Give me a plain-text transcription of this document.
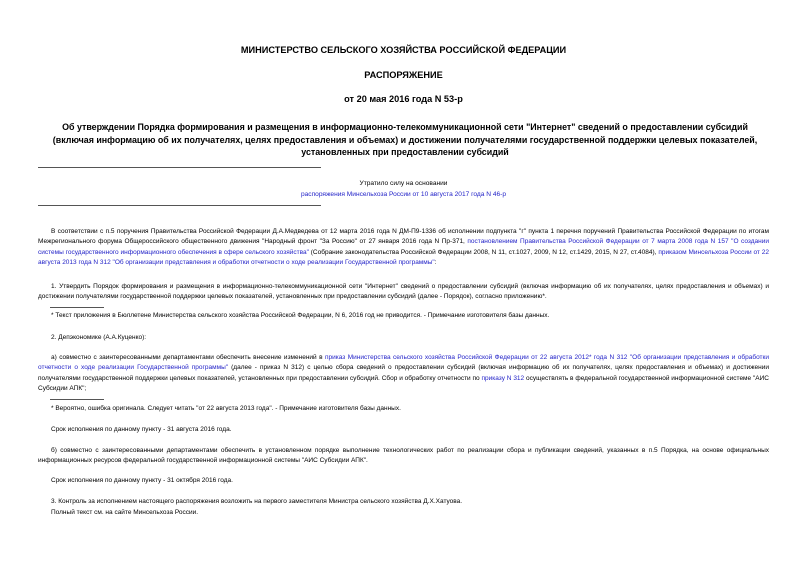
МИНИСТЕРСТВО СЕЛЬСКОГО ХОЗЯЙСТВА РОССИЙСКОЙ ФЕДЕРАЦИИ
РАСПОРЯЖЕНИЕ
от 20 мая 2016 года N 53-р
Об утверждении Порядка формирования и размещения в информационно-телекоммуникационной сети "Интернет" сведений о предоставлении субсидий (включая информацию об их получателях, целях предоставления и объемах) и достижении получателями государственной поддержки целевых показателей, установленных при предоставлении субсидий
Утратило силу на основании
распоряжения Минсельхоза России от 10 августа 2017 года N 46-р
В соответствии с п.5 поручения Правительства Российской Федерации Д.А.Медведева от 12 марта 2016 года N ДМ-П9-1336 об исполнении подпункта "г" пункта 1 перечня поручений Правительства Российской Федерации по итогам Межрегионального форума Общероссийского общественного движения "Народный фронт "За Россию" от 27 января 2016 года N Пр-371, постановлением Правительства Российской Федерации от 7 марта 2008 года N 157 "О создании системы государственного информационного обеспечения в сфере сельского хозяйства" (Собрание законодательства Российской Федерации 2008, N 11, ст.1027, 2009, N 12, ст.1429, 2015, N 27, ст.4084), приказом Минсельхоза России от 22 августа 2013 года N 312 "Об организации представления и обработки отчетности о ходе реализации Государственной программы":
1. Утвердить Порядок формирования и размещения в информационно-телекоммуникационной сети "Интернет" сведений о предоставлении субсидий (включая информацию об их получателях, целях предоставления и объемах) и достижении получателями государственной поддержки целевых показателей, установленных при предоставлении субсидий (далее - Порядок), согласно приложению*.
* Текст приложения в Бюллетене Министерства сельского хозяйства Российской Федерации, N 6, 2016 год не приводится. - Примечание изготовителя базы данных.
2. Депэкономике (А.А.Куценко):
а) совместно с заинтересованными департаментами обеспечить внесение изменений в приказ Министерства сельского хозяйства Российской Федерации от 22 августа 2012* года N 312 "Об организации представления и обработки отчетности о ходе реализации Государственной программы" (далее - приказ N 312) с целью сбора сведений о предоставлении субсидий (включая информацию об их получателях, целях предоставления и объемах) и достижении получателями государственной поддержки целевых показателей, установленных при предоставлении субсидий. Сбор и обработку отчетности по приказу N 312 осуществлять в федеральной государственной информационной системе "АИС Субсидии АПК";
* Вероятно, ошибка оригинала. Следует читать "от 22 августа 2013 года". - Примечание изготовителя базы данных.
Срок исполнения по данному пункту - 31 августа 2016 года.
б) совместно с заинтересованными департаментами обеспечить в установленном порядке выполнение технологических работ по реализации сбора и публикации сведений, указанных в п.5 Порядка, на основе официальных информационных ресурсов федеральной государственной информационной системы "АИС Субсидии АПК".
Срок исполнения по данному пункту - 31 октября 2016 года.
3. Контроль за исполнением настоящего распоряжения возложить на первого заместителя Министра сельского хозяйства Д.Х.Хатуова.
Полный текст см. на сайте Минсельхоза России.
